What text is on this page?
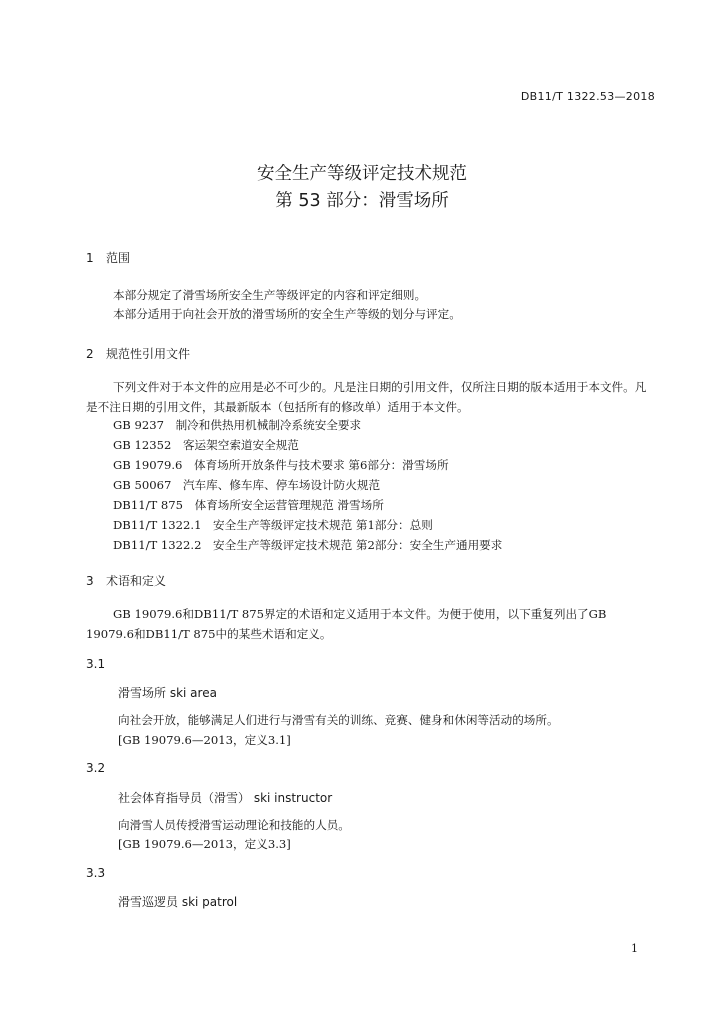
DB11/T 1322.53—2018
安全生产等级评定技术规范
第 53 部分：滑雪场所
1 范围
本部分规定了滑雪场所安全生产等级评定的内容和评定细则。
本部分适用于向社会开放的滑雪场所的安全生产等级的划分与评定。
2 规范性引用文件
下列文件对于本文件的应用是必不可少的。凡是注日期的引用文件，仅所注日期的版本适用于本文件。凡是不注日期的引用文件，其最新版本（包括所有的修改单）适用于本文件。
GB 9237　制冷和供热用机械制冷系统安全要求
GB 12352　客运架空索道安全规范
GB 19079.6　体育场所开放条件与技术要求 第6部分：滑雪场所
GB 50067　汽车库、修车库、停车场设计防火规范
DB11/T 875　体育场所安全运营管理规范 滑雪场所
DB11/T 1322.1　安全生产等级评定技术规范 第1部分：总则
DB11/T 1322.2　安全生产等级评定技术规范 第2部分：安全生产通用要求
3 术语和定义
GB 19079.6和DB11/T 875界定的术语和定义适用于本文件。为便于使用，以下重复列出了GB 19079.6和DB11/T 875中的某些术语和定义。
3.1
滑雪场所 ski area
向社会开放，能够满足人们进行与滑雪有关的训练、竞赛、健身和休闲等活动的场所。
[GB 19079.6—2013，定义3.1]
3.2
社会体育指导员（滑雪） ski instructor
向滑雪人员传授滑雪运动理论和技能的人员。
[GB 19079.6—2013，定义3.3]
3.3
滑雪巡逻员 ski patrol
1
